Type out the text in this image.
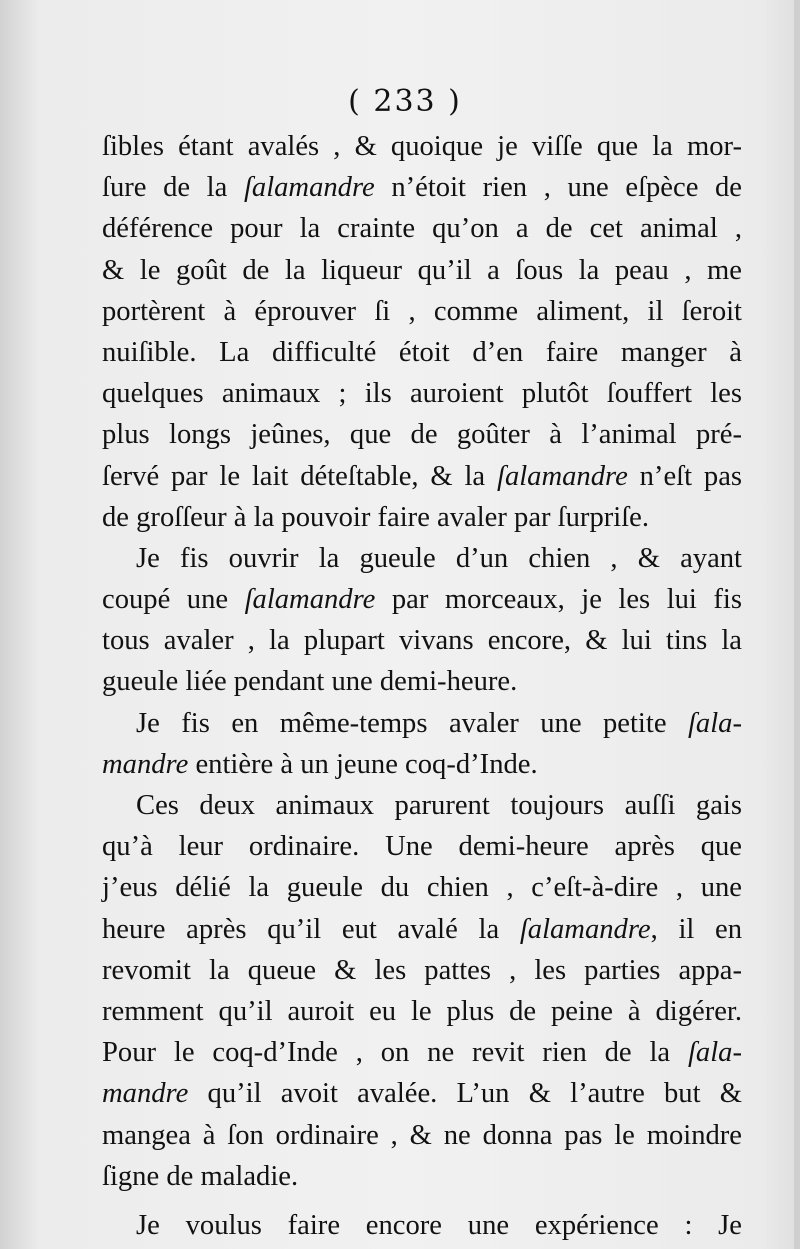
( 233 )
ſibles étant avalés , & quoique je viſſe que la mor-
ſure de la ſalamandre n’étoit rien , une eſpèce de
déférence pour la crainte qu’on a de cet animal ,
& le goût de la liqueur qu’il a ſous la peau , me
portèrent à éprouver ſi , comme aliment, il ſeroit
nuiſible. La difficulté étoit d’en faire manger à
quelques animaux ; ils auroient plutôt ſouffert les
plus longs jeûnes, que de goûter à l’animal pré-
ſervé par le lait déteſtable, & la ſalamandre n’eſt pas
de groſſeur à la pouvoir faire avaler par ſurpriſe.
Je fis ouvrir la gueule d’un chien , & ayant
coupé une ſalamandre par morceaux, je les lui fis
tous avaler , la plupart vivans encore, & lui tins la
gueule liée pendant une demi-heure.
Je fis en même-temps avaler une petite ſala-
mandre entière à un jeune coq-d’Inde.
Ces deux animaux parurent toujours auſſi gais
qu’à leur ordinaire. Une demi-heure après que
j’eus délié la gueule du chien , c’eſt-à-dire , une
heure après qu’il eut avalé la ſalamandre, il en
revomit la queue & les pattes , les parties appa-
remment qu’il auroit eu le plus de peine à digérer.
Pour le coq-d’Inde , on ne revit rien de la ſala-
mandre qu’il avoit avalée. L’un & l’autre but &
mangea à ſon ordinaire , & ne donna pas le moindre
ſigne de maladie.
Je voulus faire encore une expérience : Je
